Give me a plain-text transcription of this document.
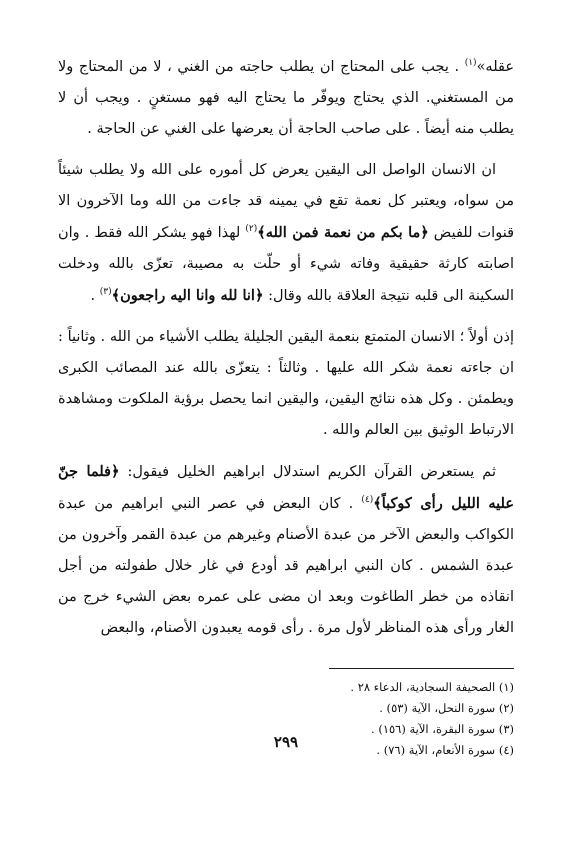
عقله»$^{(١)}$ . يجب على المحتاج ان يطلب حاجته من الغني ، لا من المحتاج ولا من المستغني. الذي يحتاج ويوفّر ما يحتاج اليه فهو مستغنٍ . ويجب أن لا يطلب منه أيضاً . على صاحب الحاجة أن يعرضها على الغني عن الحاجة .

ان الانسان الواصل الى اليقين يعرض كل أموره على الله ولا يطلب شيئاً من سواه، ويعتبر كل نعمة تقع في يمينه قد جاءت من الله وما الآخرون الا قنوات للفيض ﴿ما بكم من نعمة فمن الله﴾$^{(٢)}$ لهذا فهو يشكر الله فقط . وان اصابته كارثة حقيقية وفاته شيء أو حلّت به مصيبة، تعزّى بالله ودخلت السكينة الى قلبه نتيجة العلاقة بالله وقال: ﴿انا لله وانا اليه راجعون﴾$^{(٣)}$ .

إذن أولاً ؛ الانسان المتمتع بنعمة اليقين الجليلة يطلب الأشياء من الله . وثانياً : ان جاءته نعمة شكر الله عليها . وثالثاً : يتعزّى بالله عند المصائب الكبرى ويطمئن . وكل هذه نتائج اليقين، واليقين انما يحصل برؤية الملكوت ومشاهدة الارتباط الوثيق بين العالم والله .

ثم يستعرض القرآن الكريم استدلال ابراهيم الخليل فيقول: ﴿فلما جنّ عليه الليل رأى كوكباً﴾$^{(٤)}$ . كان البعض في عصر النبي ابراهيم من عبدة الكواكب والبعض الآخر من عبدة الأصنام وغيرهم من عبدة القمر وآخرون من عبدة الشمس . كان النبي ابراهيم قد أودع في غار خلال طفولته من أجل انقاذه من خطر الطاغوت وبعد ان مضى على عمره بعض الشيء خرج من الغار ورأى هذه المناظر لأول مرة . رأى قومه يعبدون الأصنام، والبعض

(١) الصحيفة السجادية، الدعاء ٢٨ .

(٢) سورة النحل، الآية (٥٣) .

(٣) سورة البقرة، الآية (١٥٦) .

(٤) سورة الأنعام، الآية (٧٦) .

٢٩٩
